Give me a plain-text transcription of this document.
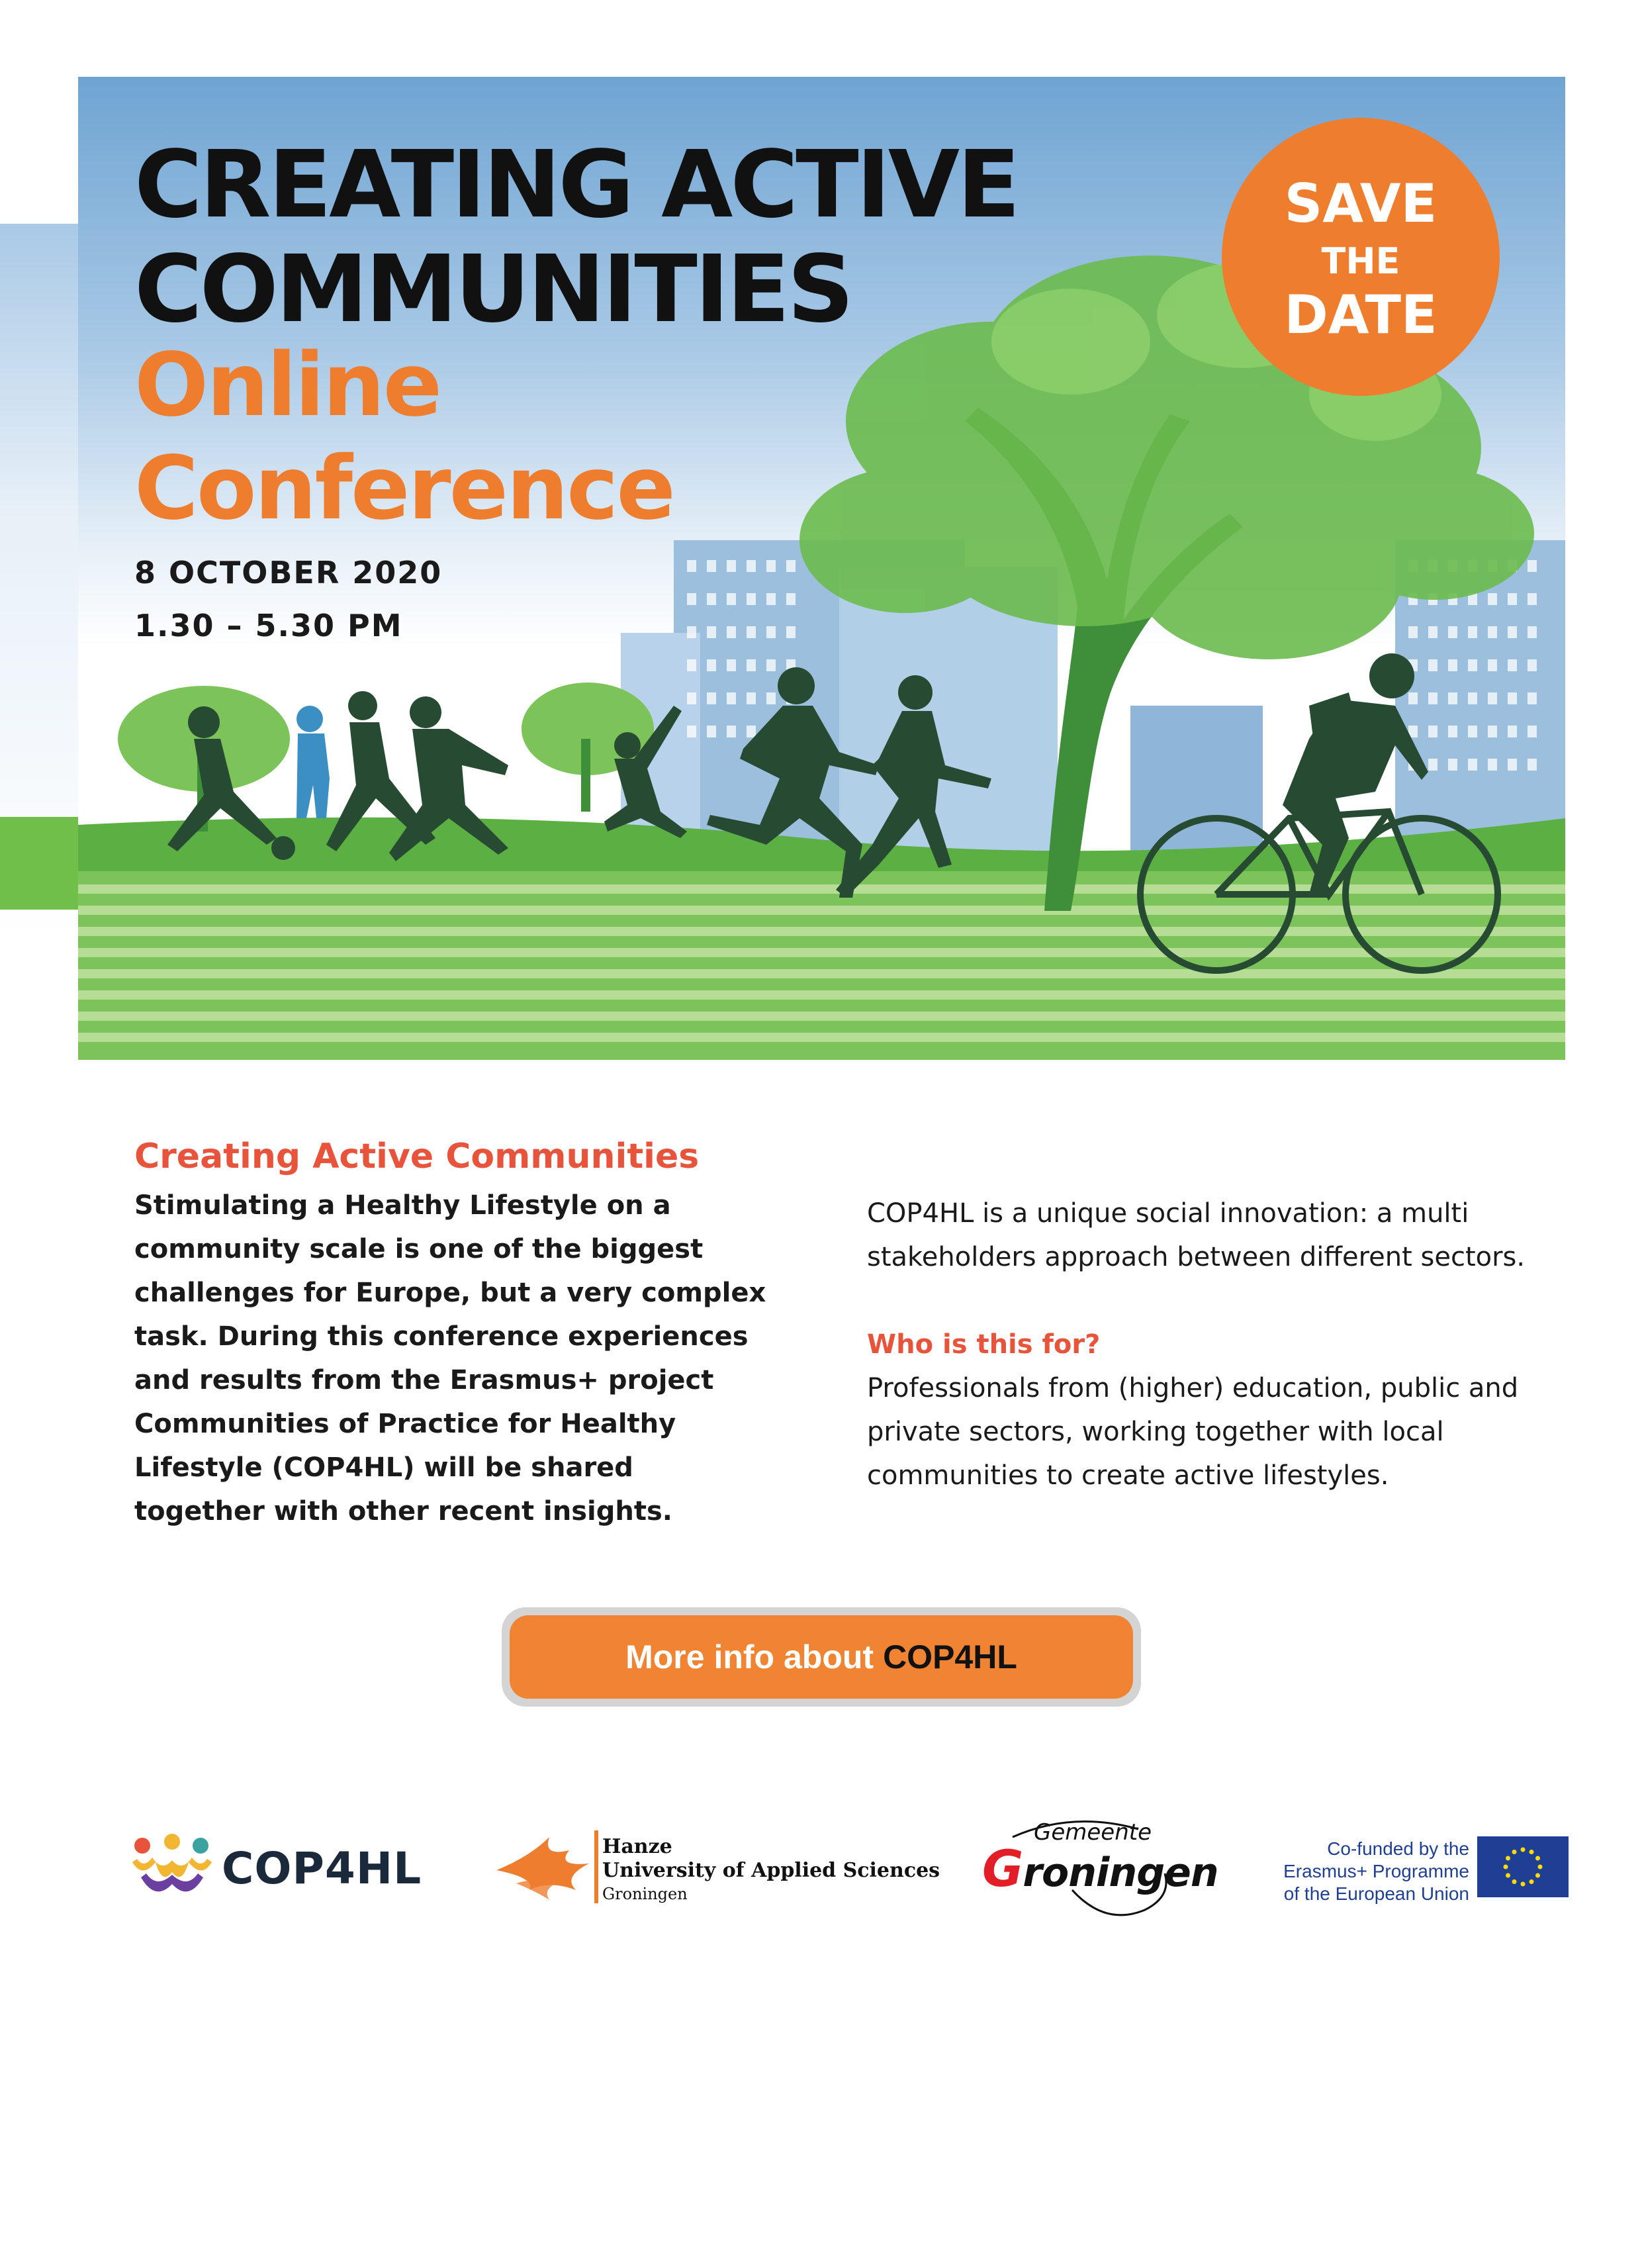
CREATING ACTIVE
COMMUNITIES
Online
Conference

8 OCTOBER 2020

1.30 – 5.30 PM

SAVE
THE
DATE
Creating Active Communities

Stimulating a Healthy Lifestyle on a community scale is one of the biggest challenges for Europe, but a very complex task. During this conference experiences and results from the Erasmus+ project Communities of Practice for Healthy Lifestyle (COP4HL) will be shared together with other recent insights.

COP4HL is a unique social innovation: a multi stakeholders approach between different sectors.

Who is this for?

Professionals from (higher) education, public and private sectors, working together with local communities to create active lifestyles.

More info about COP4HL
COP4HL	Hanze
University of Applied Sciences
Groningen
Gemeente
Groningen
Co-funded by the
Erasmus+ Programme
of the European Union
